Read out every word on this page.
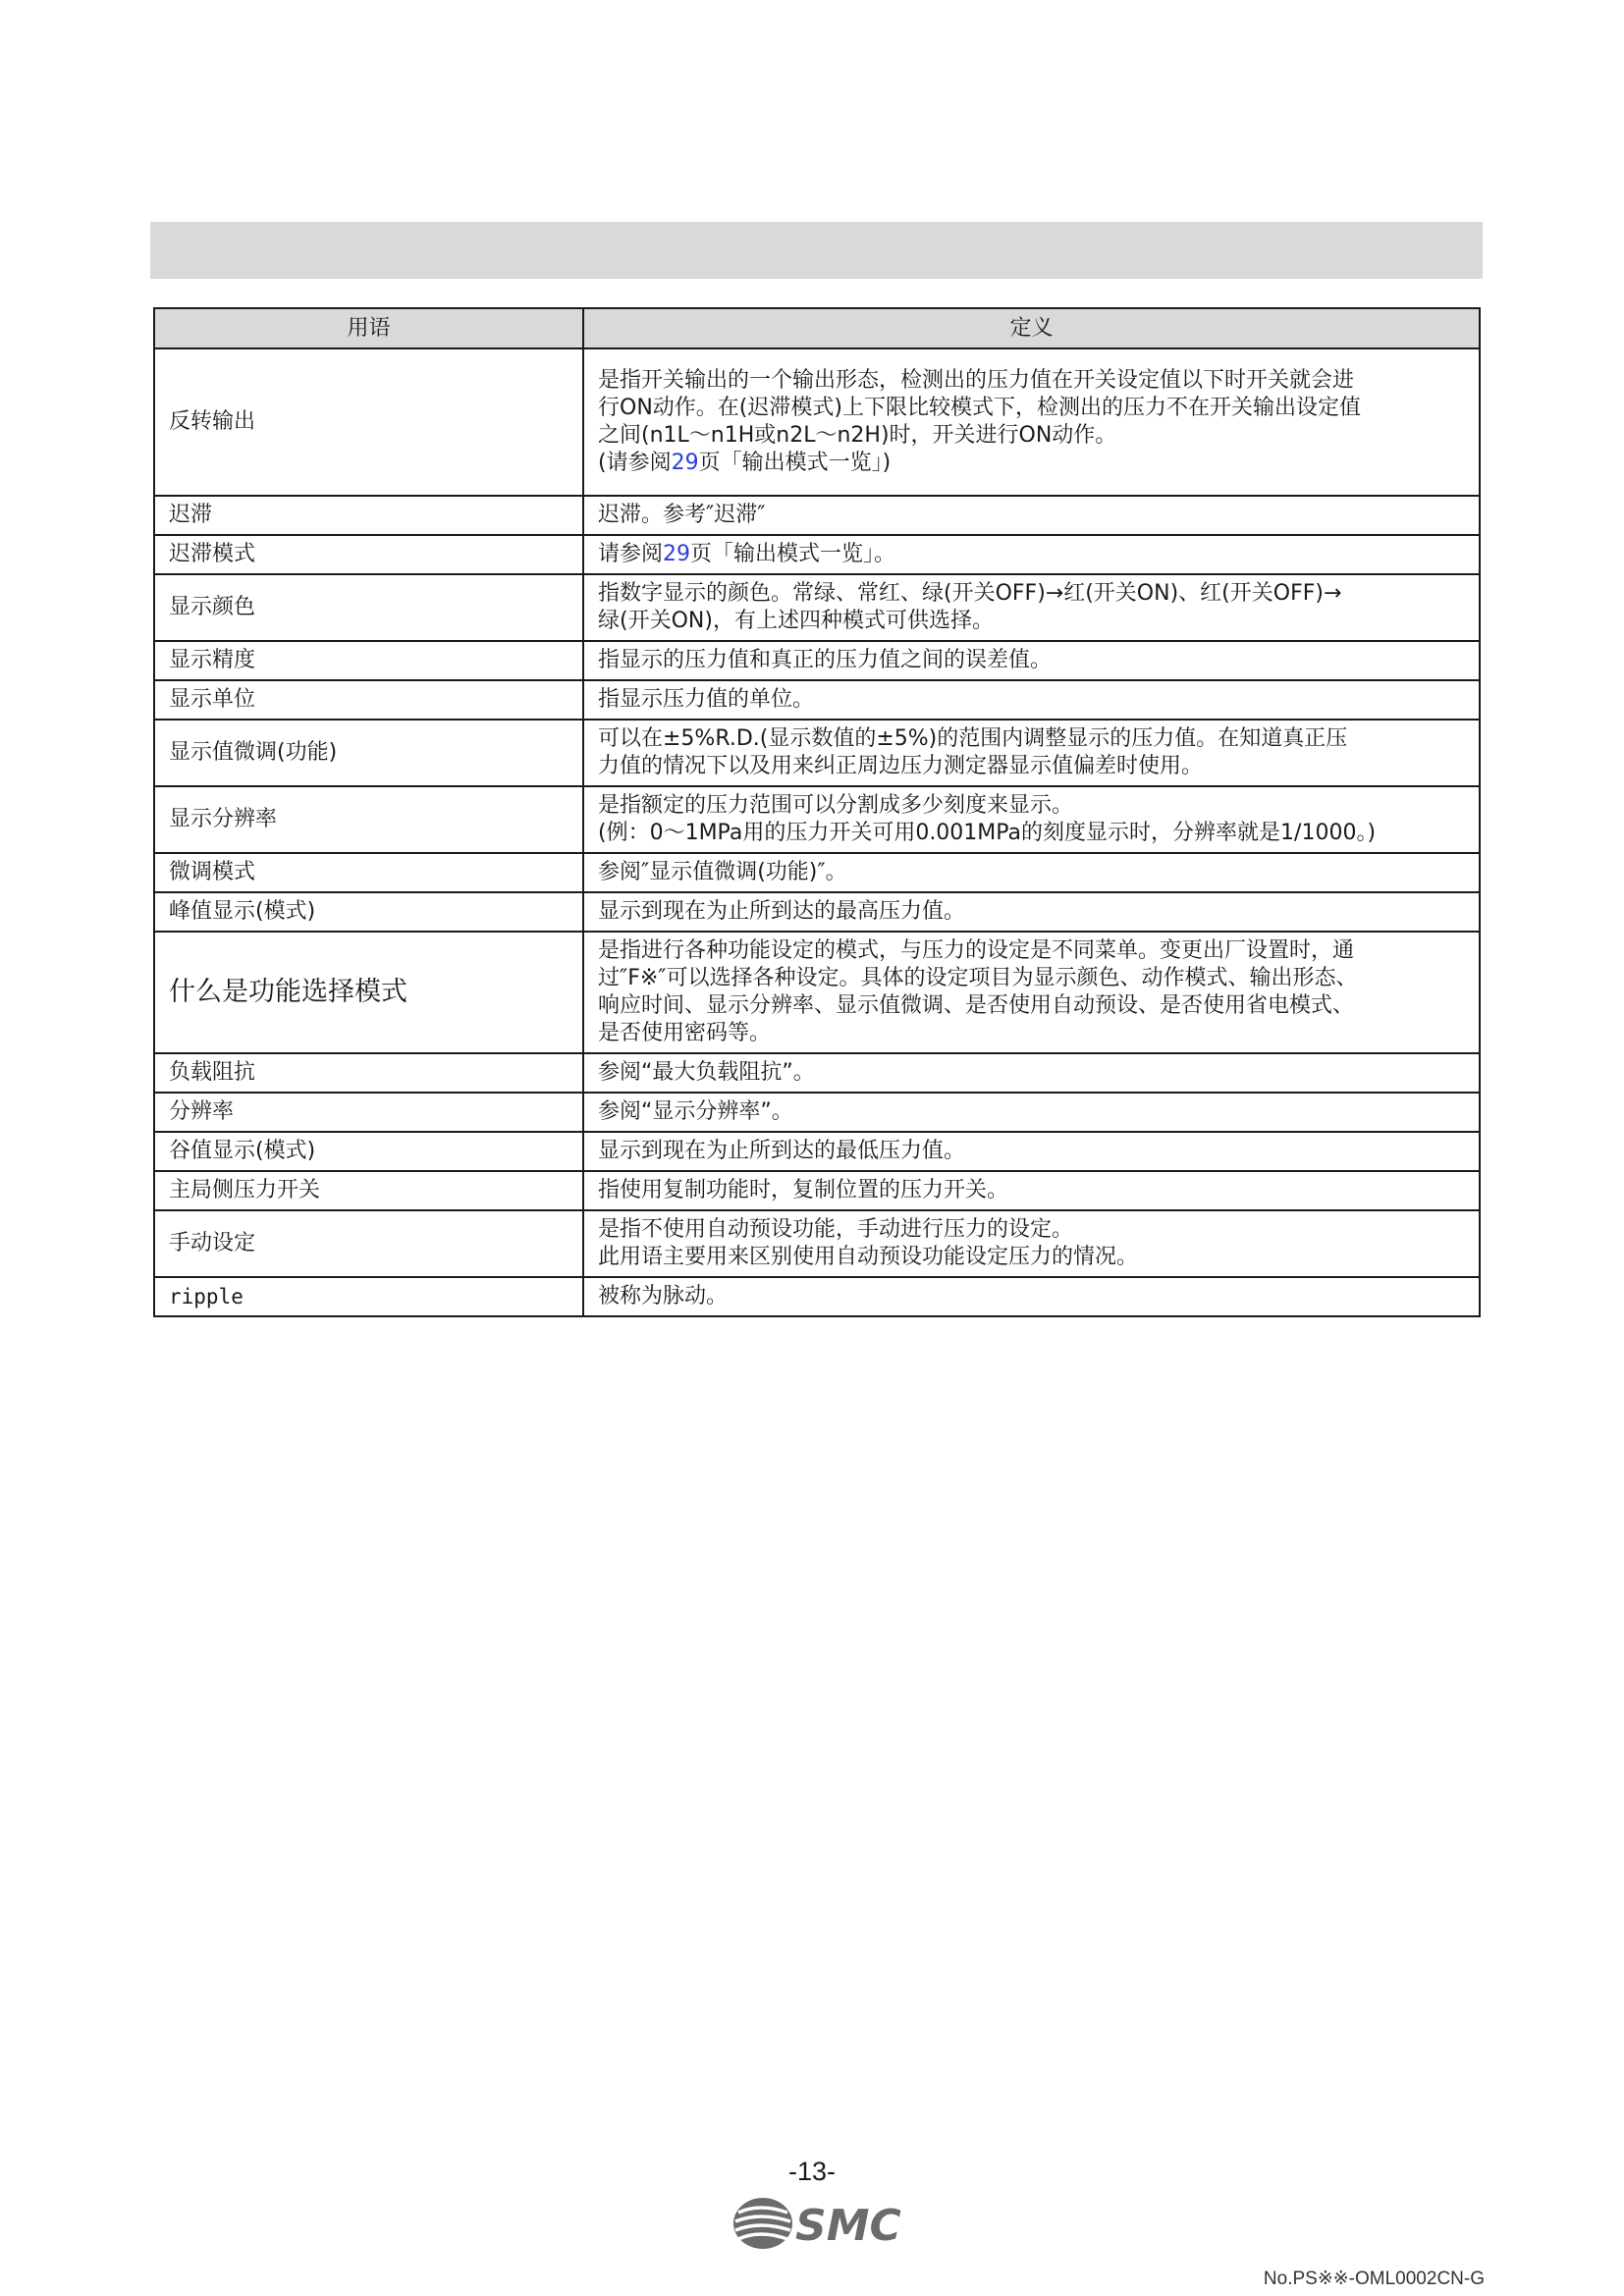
用语	定义
反转输出	是指开关输出的一个输出形态，检测出的压力值在开关设定值以下时开关就会进
行ON动作。在(迟滞模式)上下限比较模式下，检测出的压力不在开关输出设定值
之间(n1L～n1H或n2L～n2H)时，开关进行ON动作。
(请参阅29页「输出模式一览」)

迟滞	迟滞。参考″迟滞″

迟滞模式	请参阅29页「输出模式一览」。

显示颜色	指数字显示的颜色。常绿、常红、绿(开关OFF)→红(开关ON)、红(开关OFF)→
绿(开关ON)，有上述四种模式可供选择。

显示精度	指显示的压力值和真正的压力值之间的误差值。

显示单位	指显示压力值的单位。

显示值微调(功能)	可以在±5%R.D.(显示数值的±5%)的范围内调整显示的压力值。在知道真正压
力值的情况下以及用来纠正周边压力测定器显示值偏差时使用。

显示分辨率	是指额定的压力范围可以分割成多少刻度来显示。
(例：0～1MPa用的压力开关可用0.001MPa的刻度显示时，分辨率就是1/1000。)

微调模式	参阅″显示值微调(功能)″。

峰值显示(模式)	显示到现在为止所到达的最高压力值。

什么是功能选择模式	是指进行各种功能设定的模式，与压力的设定是不同菜单。变更出厂设置时，通
过″F※″可以选择各种设定。具体的设定项目为显示颜色、动作模式、输出形态、
响应时间、显示分辨率、显示值微调、是否使用自动预设、是否使用省电模式、
是否使用密码等。

负载阻抗	参阅“最大负载阻抗”。

分辨率	参阅“显示分辨率”。

谷值显示(模式)	显示到现在为止所到达的最低压力值。

主局侧压力开关	指使用复制功能时，复制位置的压力开关。

手动设定	是指不使用自动预设功能，手动进行压力的设定。
此用语主要用来区别使用自动预设功能设定压力的情况。

ripple	被称为脉动。
-13-
SMC
No.PS※※-OML0002CN-G
